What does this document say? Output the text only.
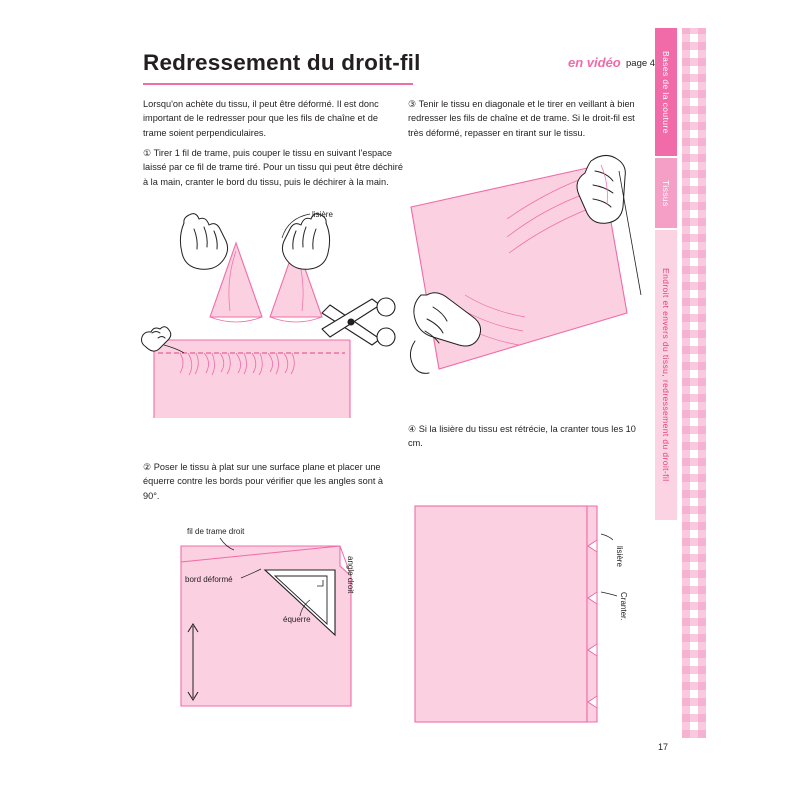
Bases de la couture
Tissus
Endroit et envers du tissu, redressement du droit-fil
Redressement du droit-fil	en vidéo page 4
Lorsqu'on achète du tissu, il peut être déformé. Il est donc important de le redresser pour que les fils de chaîne et de trame soient perpendiculaires.
① Tirer 1 fil de trame, puis couper le tissu en suivant l'espace laissé par ce fil de trame tiré. Pour un tissu qui peut être déchiré à la main, cranter le bord du tissu, puis le déchirer à la main.
② Poser le tissu à plat sur une surface plane et placer une équerre contre les bords pour vérifier que les angles sont à 90°.
③ Tenir le tissu en diagonale et le tirer en veillant à bien redresser les fils de chaîne et de trame. Si le droit-fil est très déformé, repasser en tirant sur le tissu.
④ Si la lisière du tissu est rétrécie, la cranter tous les 10 cm.
17
lisière
fil de trame droit
bord déformé
équerre
angle droit	lisière
Cranter.
